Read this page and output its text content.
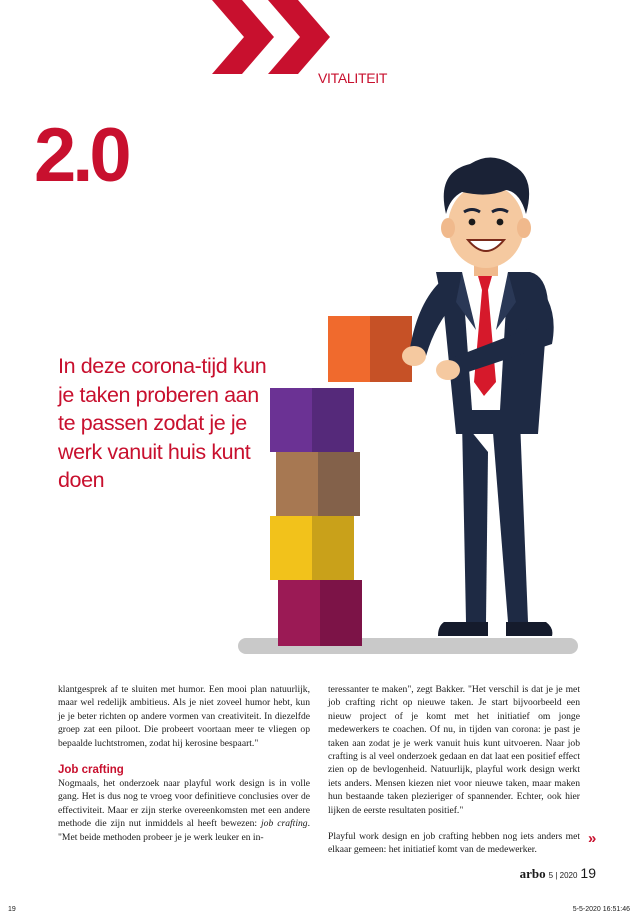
VITALITEIT
2.0
In deze corona-tijd kun je taken proberen aan te passen zodat je je werk vanuit huis kunt doen

klantgesprek af te sluiten met humor. Een mooi plan natuurlijk, maar wel redelijk ambitieus. Als je niet zoveel humor hebt, kun je je beter richten op andere vormen van creativiteit. In diezelfde groep zat een piloot. Die probeert voortaan meer te vliegen op bepaalde luchtstromen, zodat hij kerosine bespaart."

Job crafting

Nogmaals, het onderzoek naar playful work design is in volle gang. Het is dus nog te vroeg voor definitieve conclusies over de effectiviteit. Maar er zijn sterke overeenkomsten met een andere methode die zijn nut inmiddels al heeft bewezen: job crafting. "Met beide methoden probeer je je werk leuker en in-

teressanter te maken", zegt Bakker. "Het verschil is dat je je met job crafting richt op nieuwe taken. Je start bijvoorbeeld een nieuw project of je komt met het initiatief om jonge medewerkers te coachen. Of nu, in tijden van corona: je past je taken aan zodat je je werk vanuit huis kunt uitvoeren. Naar job crafting is al veel onderzoek gedaan en dat laat een positief effect zien op de bevlogenheid. Natuurlijk, playful work design werkt iets anders. Mensen kiezen niet voor nieuwe taken, maar maken hun bestaande taken plezieriger of spannender. Echter, ook hier lijken de eerste resultaten positief."

Playful work design en job crafting hebben nog iets anders met elkaar gemeen: het initiatief komt van de medewerker.

»
arbo 5 | 2020 19
19	5-5-2020 16:51:46
